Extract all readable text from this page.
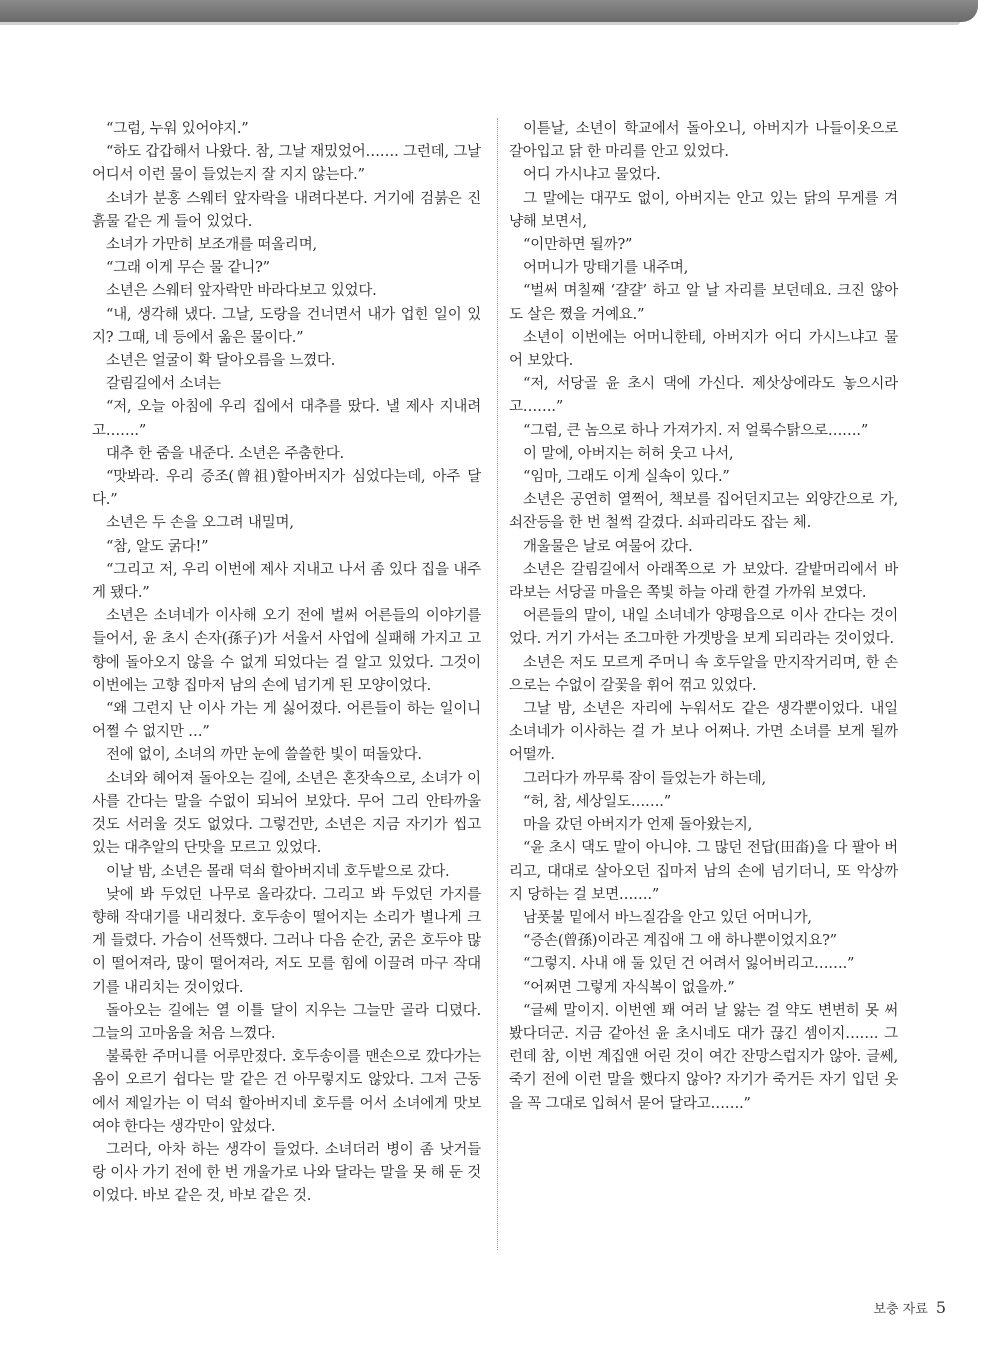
“그럼, 누워 있어야지.”

“하도 갑갑해서 나왔다. 참, 그날 재밌었어……. 그런데, 그날 어디서 이런 물이 들었는지 잘 지지 않는다.”

소녀가 분홍 스웨터 앞자락을 내려다본다. 거기에 검붉은 진흙물 같은 게 들어 있었다.

소녀가 가만히 보조개를 떠올리며,

“그래 이게 무슨 물 같니?”

소년은 스웨터 앞자락만 바라다보고 있었다.

“내, 생각해 냈다. 그날, 도랑을 건너면서 내가 업힌 일이 있지? 그때, 네 등에서 옮은 물이다.”

소년은 얼굴이 확 달아오름을 느꼈다.

갈림길에서 소녀는

“저, 오늘 아침에 우리 집에서 대추를 땄다. 낼 제사 지내려고…….”

대추 한 줌을 내준다. 소년은 주춤한다.

“맛봐라. 우리 증조(曾祖)할아버지가 심었다는데, 아주 달다.”

소년은 두 손을 오그려 내밀며,

“참, 알도 굵다!”

“그리고 저, 우리 이번에 제사 지내고 나서 좀 있다 집을 내주게 됐다.”

소년은 소녀네가 이사해 오기 전에 벌써 어른들의 이야기를 들어서, 윤 초시 손자(孫子)가 서울서 사업에 실패해 가지고 고향에 돌아오지 않을 수 없게 되었다는 걸 알고 있었다. 그것이 이번에는 고향 집마저 남의 손에 넘기게 된 모양이었다.

“왜 그런지 난 이사 가는 게 싫어졌다. 어른들이 하는 일이니 어쩔 수 없지만 …”

전에 없이, 소녀의 까만 눈에 쓸쓸한 빛이 떠돌았다.

소녀와 헤어져 돌아오는 길에, 소년은 혼잣속으로, 소녀가 이사를 간다는 말을 수없이 되뇌어 보았다. 무어 그리 안타까울 것도 서러울 것도 없었다. 그렇건만, 소년은 지금 자기가 씹고 있는 대추알의 단맛을 모르고 있었다.

이날 밤, 소년은 몰래 덕쇠 할아버지네 호두밭으로 갔다.

낮에 봐 두었던 나무로 올라갔다. 그리고 봐 두었던 가지를 향해 작대기를 내리쳤다. 호두송이 떨어지는 소리가 별나게 크게 들렸다. 가슴이 선뜩했다. 그러나 다음 순간, 굵은 호두야 많이 떨어져라, 많이 떨어져라, 저도 모를 힘에 이끌려 마구 작대기를 내리치는 것이었다.

돌아오는 길에는 열 이틀 달이 지우는 그늘만 골라 디뎠다. 그늘의 고마움을 처음 느꼈다.

불룩한 주머니를 어루만졌다. 호두송이를 맨손으로 깠다가는 옴이 오르기 쉽다는 말 같은 건 아무렇지도 않았다. 그저 근동에서 제일가는 이 덕쇠 할아버지네 호두를 어서 소녀에게 맛보여야 한다는 생각만이 앞섰다.

그러다, 아차 하는 생각이 들었다. 소녀더러 병이 좀 낫거들랑 이사 가기 전에 한 번 개울가로 나와 달라는 말을 못 해 둔 것이었다. 바보 같은 것, 바보 같은 것.

이튿날, 소년이 학교에서 돌아오니, 아버지가 나들이옷으로 갈아입고 닭 한 마리를 안고 있었다.

어디 가시냐고 물었다.

그 말에는 대꾸도 없이, 아버지는 안고 있는 닭의 무게를 겨냥해 보면서,

“이만하면 될까?”

어머니가 망태기를 내주며,

“벌써 며칠째 ‘걀걀’ 하고 알 날 자리를 보던데요. 크진 않아도 살은 쪘을 거예요.”

소년이 이번에는 어머니한테, 아버지가 어디 가시느냐고 물어 보았다.

“저, 서당골 윤 초시 댁에 가신다. 제삿상에라도 놓으시라고…….”

“그럼, 큰 놈으로 하나 가져가지. 저 얼룩수탉으로…….”

이 말에, 아버지는 허허 웃고 나서,

“임마, 그래도 이게 실속이 있다.”

소년은 공연히 열쩍어, 책보를 집어던지고는 외양간으로 가, 쇠잔등을 한 번 철썩 갈겼다. 쇠파리라도 잡는 체.

개울물은 날로 여물어 갔다.

소년은 갈림길에서 아래쪽으로 가 보았다. 갈밭머리에서 바라보는 서당골 마을은 쪽빛 하늘 아래 한결 가까워 보였다.

어른들의 말이, 내일 소녀네가 양평읍으로 이사 간다는 것이었다. 거기 가서는 조그마한 가겟방을 보게 되리라는 것이었다.

소년은 저도 모르게 주머니 속 호두알을 만지작거리며, 한 손으로는 수없이 갈꽃을 휘어 꺾고 있었다.

그날 밤, 소년은 자리에 누워서도 같은 생각뿐이었다. 내일 소녀네가 이사하는 걸 가 보나 어쩌나. 가면 소녀를 보게 될까 어떨까.

그러다가 까무룩 잠이 들었는가 하는데,

“허, 참, 세상일도…….”

마을 갔던 아버지가 언제 돌아왔는지,

“윤 초시 댁도 말이 아니야. 그 많던 전답(田畓)을 다 팔아 버리고, 대대로 살아오던 집마저 남의 손에 넘기더니, 또 악상까지 당하는 걸 보면…….”

남폿불 밑에서 바느질감을 안고 있던 어머니가,

“증손(曾孫)이라곤 계집애 그 애 하나뿐이었지요?”

“그렇지. 사내 애 둘 있던 건 어려서 잃어버리고…….”

“어쩌면 그렇게 자식복이 없을까.”

“글쎄 말이지. 이번엔 꽤 여러 날 앓는 걸 약도 변변히 못 써 봤다더군. 지금 같아선 윤 초시네도 대가 끊긴 셈이지……. 그런데 참, 이번 계집앤 어린 것이 여간 잔망스럽지가 않아. 글쎄, 죽기 전에 이런 말을 했다지 않아? 자기가 죽거든 자기 입던 옷을 꼭 그대로 입혀서 묻어 달라고…….”

보충 자료 5
